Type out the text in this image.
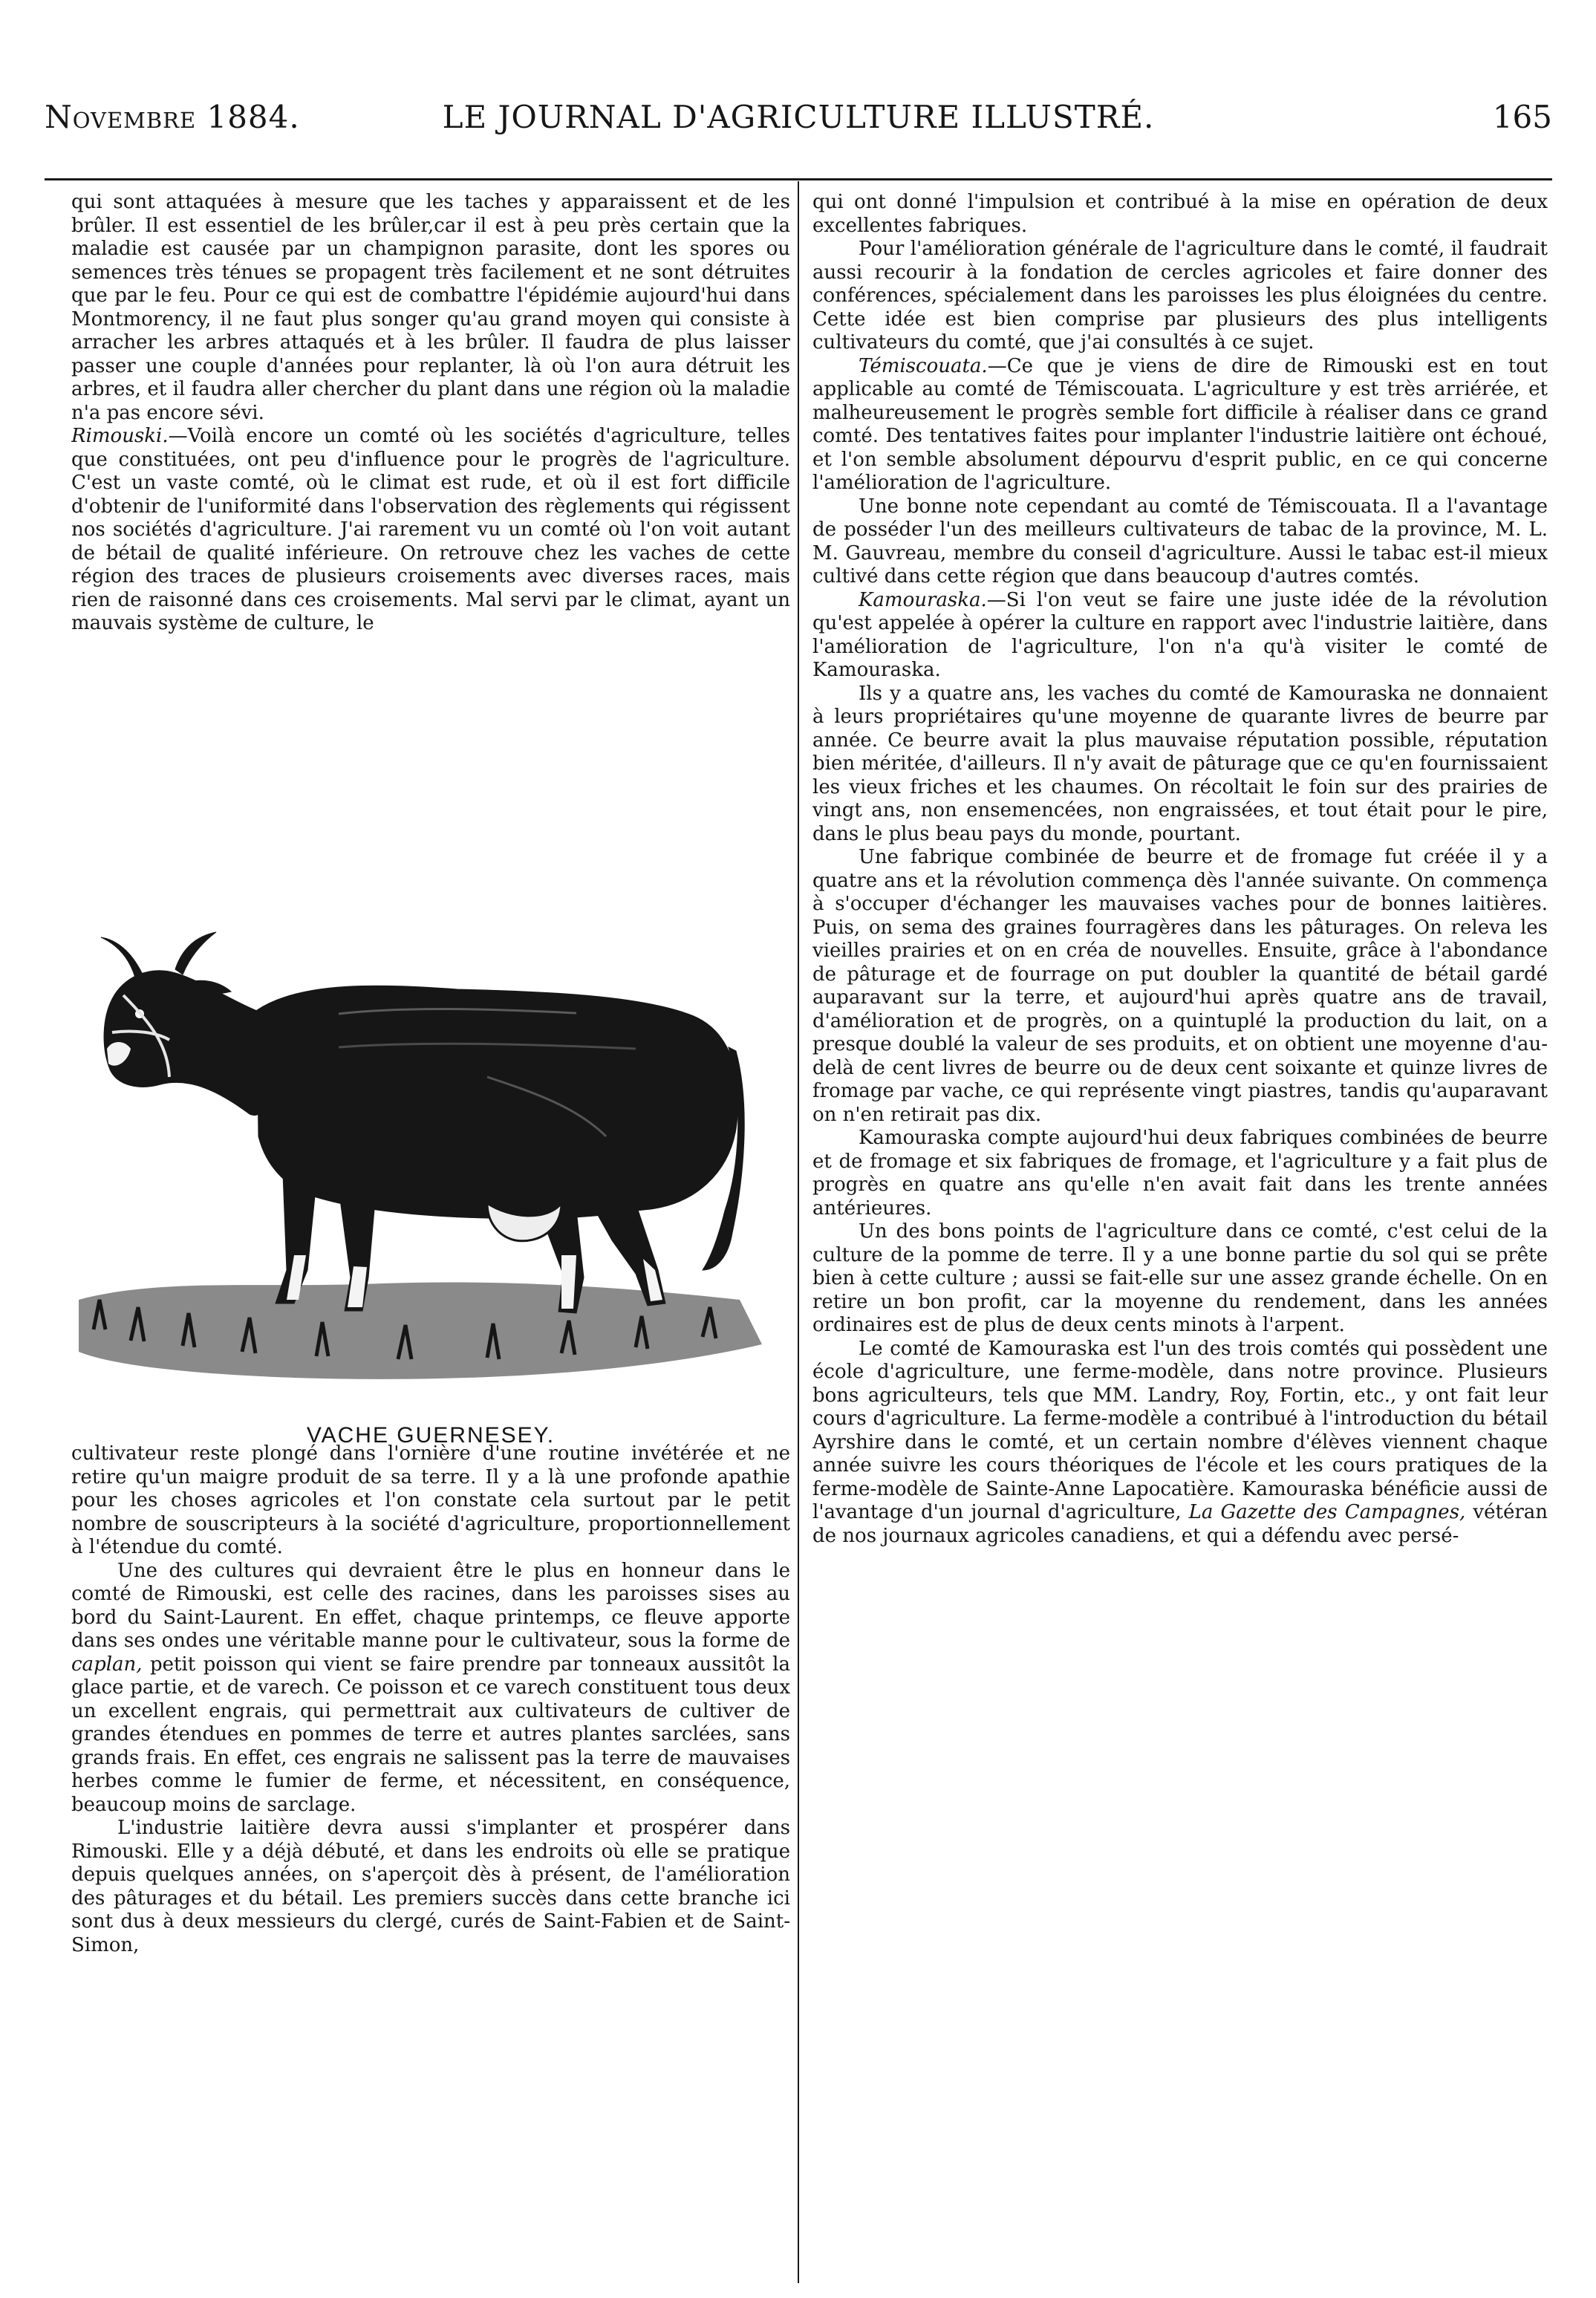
Novembre 1884.	LE JOURNAL D'AGRICULTURE ILLUSTRÉ.	165

qui sont attaquées à mesure que les taches y apparaissent et de les brûler. Il est essentiel de les brûler,car il est à peu près certain que la maladie est causée par un champignon parasite, dont les spores ou semences très ténues se propagent très facilement et ne sont détruites que par le feu. Pour ce qui est de combattre l'épidémie aujourd'hui dans Montmorency, il ne faut plus songer qu'au grand moyen qui consiste à arracher les arbres attaqués et à les brûler. Il faudra de plus laisser passer une couple d'années pour replanter, là où l'on aura détruit les arbres, et il faudra aller chercher du plant dans une région où la maladie n'a pas encore sévi.

Rimouski.—Voilà encore un comté où les sociétés d'agriculture, telles que constituées, ont peu d'influence pour le progrès de l'agriculture. C'est un vaste comté, où le climat est rude, et où il est fort difficile d'obtenir de l'uniformité dans l'observation des règlements qui régissent nos sociétés d'agriculture. J'ai rarement vu un comté où l'on voit autant de bétail de qualité inférieure. On retrouve chez les vaches de cette région des traces de plusieurs croisements avec diverses races, mais rien de raisonné dans ces croisements. Mal servi par le climat, ayant un mauvais système de culture, le

VACHE GUERNESEY.

cultivateur reste plongé dans l'ornière d'une routine invétérée et ne retire qu'un maigre produit de sa terre. Il y a là une profonde apathie pour les choses agricoles et l'on constate cela surtout par le petit nombre de souscripteurs à la société d'agriculture, proportionnellement à l'étendue du comté.

Une des cultures qui devraient être le plus en honneur dans le comté de Rimouski, est celle des racines, dans les paroisses sises au bord du Saint-Laurent. En effet, chaque printemps, ce fleuve apporte dans ses ondes une véritable manne pour le cultivateur, sous la forme de caplan, petit poisson qui vient se faire prendre par tonneaux aussitôt la glace partie, et de varech. Ce poisson et ce varech constituent tous deux un excellent engrais, qui permettrait aux cultivateurs de cultiver de grandes étendues en pommes de terre et autres plantes sarclées, sans grands frais. En effet, ces engrais ne salissent pas la terre de mauvaises herbes comme le fumier de ferme, et nécessitent, en conséquence, beaucoup moins de sarclage.

L'industrie laitière devra aussi s'implanter et prospérer dans Rimouski. Elle y a déjà débuté, et dans les endroits où elle se pratique depuis quelques années, on s'aperçoit dès à présent, de l'amélioration des pâturages et du bétail. Les premiers succès dans cette branche ici sont dus à deux messieurs du clergé, curés de Saint-Fabien et de Saint-Simon,

qui ont donné l'impulsion et contribué à la mise en opération de deux excellentes fabriques.

Pour l'amélioration générale de l'agriculture dans le comté, il faudrait aussi recourir à la fondation de cercles agricoles et faire donner des conférences, spécialement dans les paroisses les plus éloignées du centre. Cette idée est bien comprise par plusieurs des plus intelligents cultivateurs du comté, que j'ai consultés à ce sujet.

Témiscouata.—Ce que je viens de dire de Rimouski est en tout applicable au comté de Témiscouata. L'agriculture y est très arriérée, et malheureusement le progrès semble fort difficile à réaliser dans ce grand comté. Des tentatives faites pour implanter l'industrie laitière ont échoué, et l'on semble absolument dépourvu d'esprit public, en ce qui concerne l'amélioration de l'agriculture.

Une bonne note cependant au comté de Témiscouata. Il a l'avantage de posséder l'un des meilleurs cultivateurs de tabac de la province, M. L. M. Gauvreau, membre du conseil d'agriculture. Aussi le tabac est-il mieux cultivé dans cette région que dans beaucoup d'autres comtés.

Kamouraska.—Si l'on veut se faire une juste idée de la révolution qu'est appelée à opérer la culture en rapport avec l'industrie laitière, dans l'amélioration de l'agriculture, l'on n'a qu'à visiter le comté de Kamouraska.

Ils y a quatre ans, les vaches du comté de Kamouraska ne donnaient à leurs propriétaires qu'une moyenne de quarante livres de beurre par année. Ce beurre avait la plus mauvaise réputation possible, réputation bien méritée, d'ailleurs. Il n'y avait de pâturage que ce qu'en fournissaient les vieux friches et les chaumes. On récoltait le foin sur des prairies de vingt ans, non ensemencées, non engraissées, et tout était pour le pire, dans le plus beau pays du monde, pourtant.

Une fabrique combinée de beurre et de fromage fut créée il y a quatre ans et la révolution commença dès l'année suivante. On commença à s'occuper d'échanger les mauvaises vaches pour de bonnes laitières. Puis, on sema des graines fourragères dans les pâturages. On releva les vieilles prairies et on en créa de nouvelles. Ensuite, grâce à l'abondance de pâturage et de fourrage on put doubler la quantité de bétail gardé auparavant sur la terre, et aujourd'hui après quatre ans de travail, d'amélioration et de progrès, on a quintuplé la production du lait, on a presque doublé la valeur de ses produits, et on obtient une moyenne d'au-delà de cent livres de beurre ou de deux cent soixante et quinze livres de fromage par vache, ce qui représente vingt piastres, tandis qu'auparavant on n'en retirait pas dix.

Kamouraska compte aujourd'hui deux fabriques combinées de beurre et de fromage et six fabriques de fromage, et l'agriculture y a fait plus de progrès en quatre ans qu'elle n'en avait fait dans les trente années antérieures.

Un des bons points de l'agriculture dans ce comté, c'est celui de la culture de la pomme de terre. Il y a une bonne partie du sol qui se prête bien à cette culture ; aussi se fait-elle sur une assez grande échelle. On en retire un bon profit, car la moyenne du rendement, dans les années ordinaires est de plus de deux cents minots à l'arpent.

Le comté de Kamouraska est l'un des trois comtés qui possèdent une école d'agriculture, une ferme-modèle, dans notre province. Plusieurs bons agriculteurs, tels que MM. Landry, Roy, Fortin, etc., y ont fait leur cours d'agriculture. La ferme-modèle a contribué à l'introduction du bétail Ayrshire dans le comté, et un certain nombre d'élèves viennent chaque année suivre les cours théoriques de l'école et les cours pratiques de la ferme-modèle de Sainte-Anne Lapocatière. Kamouraska bénéficie aussi de l'avantage d'un journal d'agriculture, La Gazette des Campagnes, vétéran de nos journaux agricoles canadiens, et qui a défendu avec persé-
